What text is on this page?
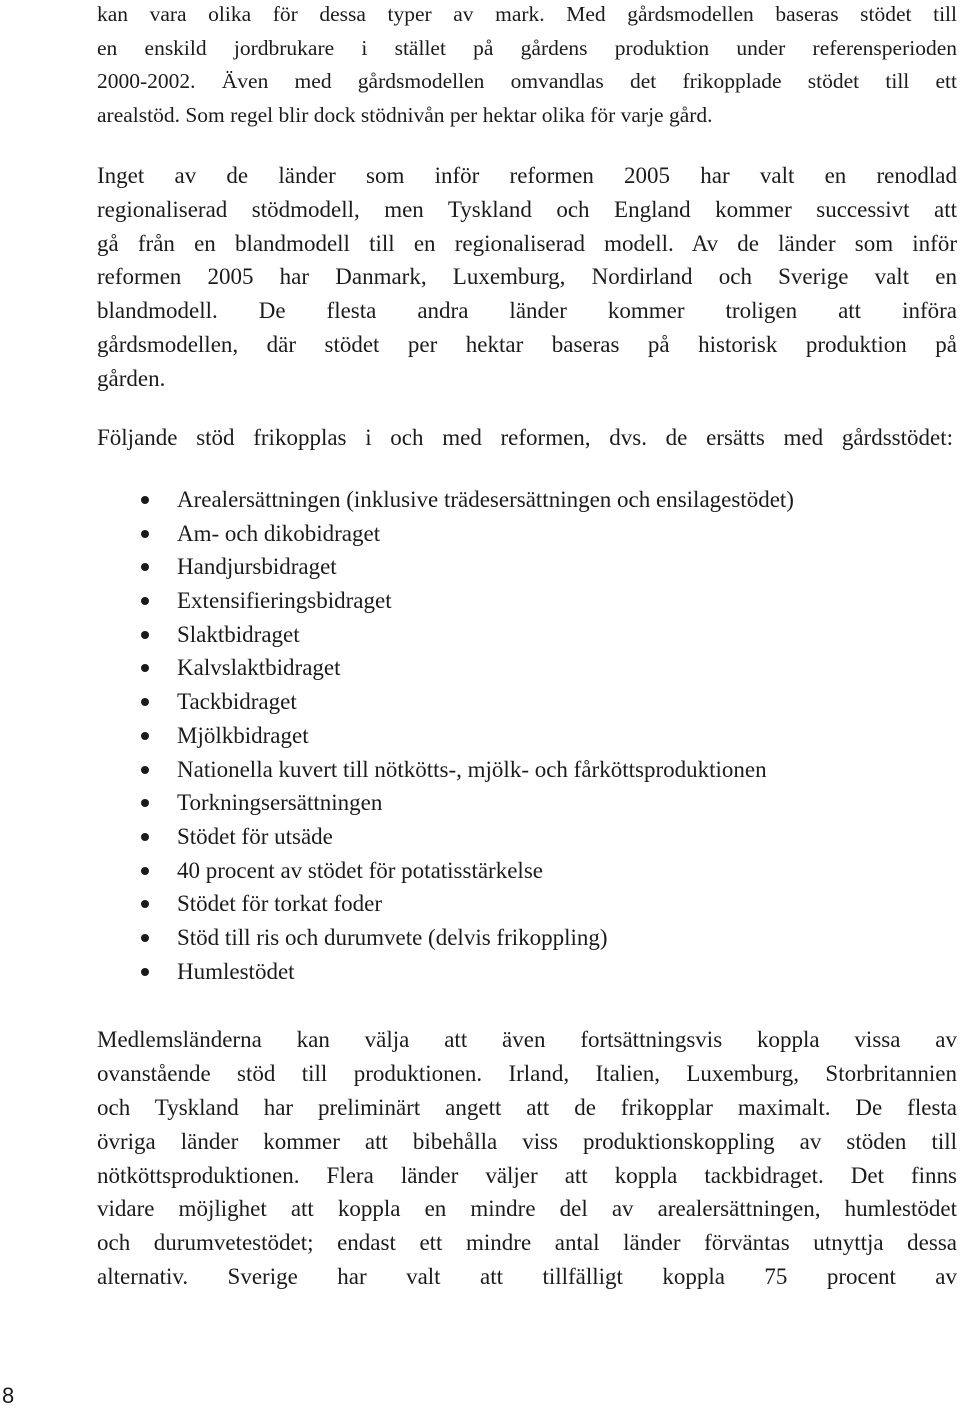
kan vara olika för dessa typer av mark. Med gårdsmodellen baseras stödet till
en enskild jordbrukare i stället på gårdens produktion under referensperioden
2000-2002. Även med gårdsmodellen omvandlas det frikopplade stödet till ett
arealstöd. Som regel blir dock stödnivån per hektar olika för varje gård.
Inget av de länder som inför reformen 2005 har valt en renodlad
regionaliserad stödmodell, men Tyskland och England kommer successivt att
gå från en blandmodell till en regionaliserad modell. Av de länder som inför
reformen 2005 har Danmark, Luxemburg, Nordirland och Sverige valt en
blandmodell. De flesta andra länder kommer troligen att införa
gårdsmodellen, där stödet per hektar baseras på historisk produktion på
gården.
Följande stöd frikopplas i och med reformen, dvs. de ersätts med gårdsstödet:
Arealersättningen (inklusive trädesersättningen och ensilagestödet)
Am- och dikobidraget
Handjursbidraget
Extensifieringsbidraget
Slaktbidraget
Kalvslaktbidraget
Tackbidraget
Mjölkbidraget
Nationella kuvert till nötkötts-, mjölk- och fårköttsproduktionen
Torkningsersättningen
Stödet för utsäde
40 procent av stödet för potatisstärkelse
Stödet för torkat foder
Stöd till ris och durumvete (delvis frikoppling)
Humlestödet
Medlemsländerna kan välja att även fortsättningsvis koppla vissa av
ovanstående stöd till produktionen. Irland, Italien, Luxemburg, Storbritannien
och Tyskland har preliminärt angett att de frikopplar maximalt. De flesta
övriga länder kommer att bibehålla viss produktionskoppling av stöden till
nötköttsproduktionen. Flera länder väljer att koppla tackbidraget. Det finns
vidare möjlighet att koppla en mindre del av arealersättningen, humlestödet
och durumvetestödet; endast ett mindre antal länder förväntas utnyttja dessa
alternativ. Sverige har valt att tillfälligt koppla 75 procent av
8
